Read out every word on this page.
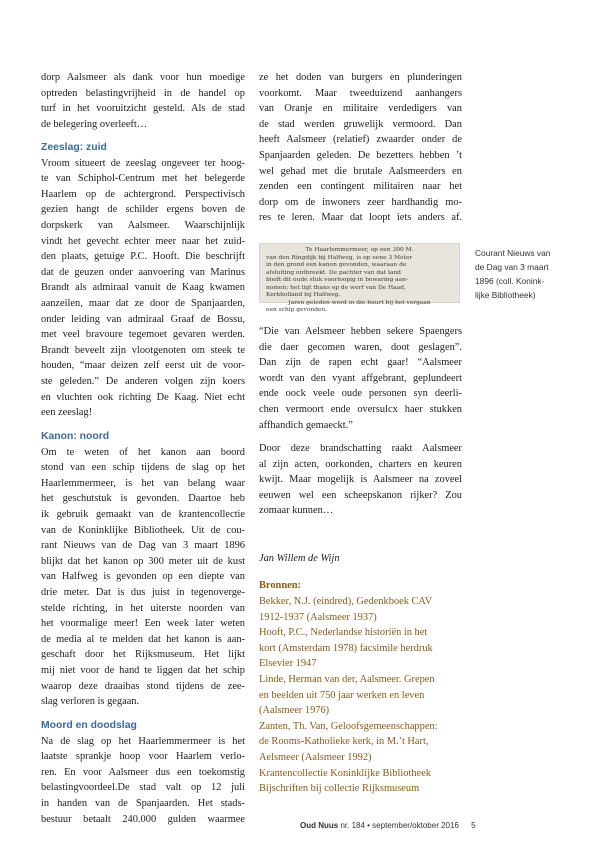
dorp Aalsmeer als dank voor hun moedige
optreden belastingvrijheid in de handel op
turf in het vooruitzicht gesteld. Als de stad
de belegering overleeft…
Zeeslag: zuid
Vroom situeert de zeeslag ongeveer ter hoog-
te van Schiphol-Centrum met het belegerde
Haarlem op de achtergrond. Perspectivisch
gezien hangt de schilder ergens boven de
dorpskerk van Aalsmeer. Waarschijnlijk
vindt het gevecht echter meer naar het zuid-
den plaats, getuige P.C. Hooft. Die beschrijft
dat de geuzen onder aanvoering van Marinus
Brandt als admiraal vanuit de Kaag kwamen
aanzeilen, maar dat ze door de Spanjaarden,
onder leiding van admiraal Graaf de Bossu,
met veel bravoure tegemoet gevaren werden.
Brandt beveelt zijn vlootgenoten om steek te
houden, “maar deizen zelf eerst uit de voor-
ste geleden.” De anderen volgen zijn koers
en vluchten ook richting De Kaag. Niet echt
een zeeslag!
Kanon: noord
Om te weten of het kanon aan boord
stond van een schip tijdens de slag op het
Haarlemmermeer, is het van belang waar
het geschutstuk is gevonden. Daartoe heb
ik gebruik gemaakt van de krantencollectie
van de Koninklijke Bibliotheek. Uit de cou-
rant Nieuws van de Dag van 3 maart 1896
blijkt dat het kanon op 300 meter uit de kust
van Halfweg is gevonden op een diepte van
drie meter. Dat is dus juist in tegenoverge-
stelde richting, in het uiterste noorden van
het voormalige meer! Een week later weten
de media al te melden dat het kanon is aan-
geschaft door het Rijksmuseum. Het lijkt
mij niet voor de hand te liggen dat het schip
waarop deze draaibas stond tijdens de zee-
slag verloren is gegaan.
Moord en doodslag
Na de slag op het Haarlemmermeer is het
laatste sprankje hoop voor Haarlem verlo-
ren. En voor Aalsmeer dus een toekomstig
belastingvoordeel.De stad valt op 12 juli
in handen van de Spanjaarden. Het stads-
bestuur betaalt 240.000 gulden waarmee
ze het doden van burgers en plunderingen
voorkomt. Maar tweeduizend aanhangers
van Oranje en militaire verdedigers van
de stad werden gruwelijk vermoord. Dan
heeft Aalsmeer (relatief) zwaarder onder de
Spanjaarden geleden. De bezetters hebben ’t
wel gehad met die brutale Aalsmeerders en
zenden een contingent militairen naar het
dorp om de inwoners zeer hardhandig mo-
res te leren. Maar dat loopt iets anders af.
“Die van Aelsmeer hebben sekere Spaengers
die daer gecomen waren, doot geslagen”.
Dan zijn de rapen echt gaar! “Aalsmeer
wordt van den vyant affgebrant, geplundeert
ende oock veele oude personen syn deerli-
chen vermoort ende oversulcx haer stukken
affhandich gemaeckt.”
Door deze brandschatting raakt Aalsmeer
al zijn acten, oorkonden, charters en keuren
kwijt. Maar mogelijk is Aalsmeer na zoveel
eeuwen wel een scheepskanon rijker? Zou
zomaar kunnen…
Jan Willem de Wijn
Bronnen:
Bekker, N.J. (eindred), Gedenkboek CAV
1912-1937 (Aalsmeer 1937)
Hooft, P.C., Nederlandse historiën in het
kort (Amsterdam 1978) facsimile herdruk
Elsevier 1947
Linde, Herman van der, Aalsmeer. Grepen
en beelden uit 750 jaar werken en leven
(Aalsmeer 1976)
Zanten, Th. Van, Geloofsgemeenschappen:
de Rooms-Katholieke kerk, in M.’t Hart,
Aelsmeer (Aalsmeer 1992)
Krantencollectie Koninklijke Bibliotheek
Bijschriften bij collectie Rijksmuseum
Te Haarlemmermeer, op een 300 M.
van den Ringdijk bij Halfweg, is op eene 3 Meter
in den grond een kanon gevonden, waaraan de
afsluiting ontbreekt. De pachter van dat land
biedt dit oude stuk voorloopig in bewaring aan-
nomen; het ligt thans op de werf van De Haad,
Kerkholland bij Halfweg.
Jaren geleden werd in die buurt bij het vergaan
een schip gevonden.
Courant Nieuws van
de Dag van 3 maart
1896 (coll. Konink-
lijke Bibliotheek)
Oud Nuus nr. 184 • september/oktober 2016 5
